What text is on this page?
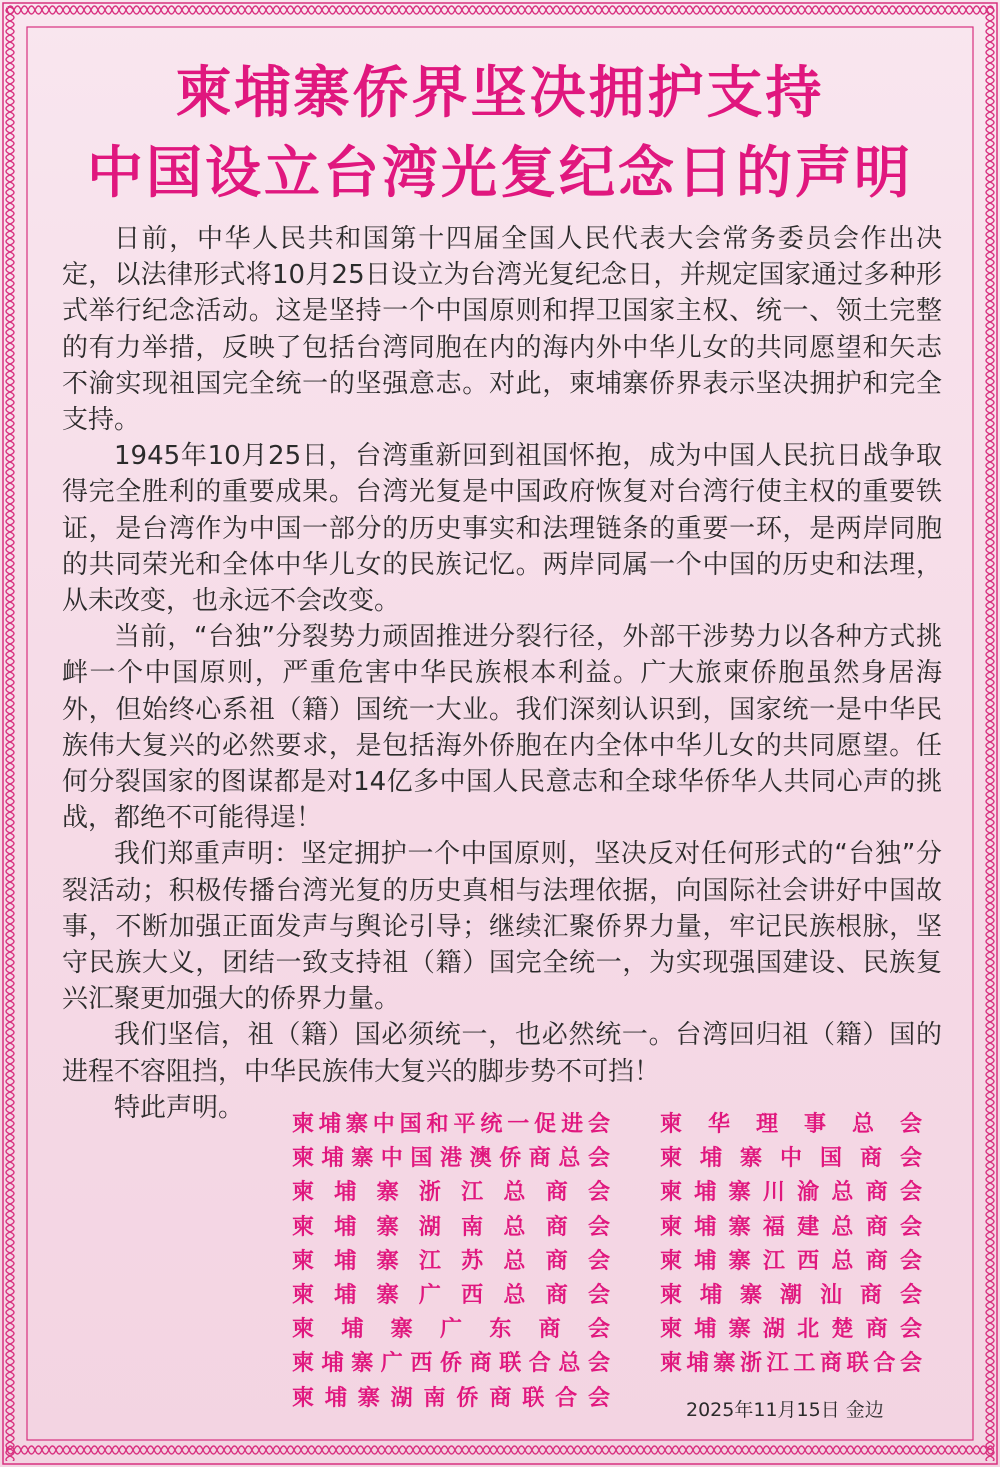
柬埔寨侨界坚决拥护支持
中国设立台湾光复纪念日的声明

日前，中华人民共和国第十四届全国人民代表大会常务委员会作出决定，以法律形式将10月25日设立为台湾光复纪念日，并规定国家通过多种形式举行纪念活动。这是坚持一个中国原则和捍卫国家主权、统一、领土完整的有力举措，反映了包括台湾同胞在内的海内外中华儿女的共同愿望和矢志不渝实现祖国完全统一的坚强意志。对此，柬埔寨侨界表示坚决拥护和完全支持。

1945年10月25日，台湾重新回到祖国怀抱，成为中国人民抗日战争取得完全胜利的重要成果。台湾光复是中国政府恢复对台湾行使主权的重要铁证，是台湾作为中国一部分的历史事实和法理链条的重要一环，是两岸同胞的共同荣光和全体中华儿女的民族记忆。两岸同属一个中国的历史和法理，从未改变，也永远不会改变。

当前，“台独”分裂势力顽固推进分裂行径，外部干涉势力以各种方式挑衅一个中国原则，严重危害中华民族根本利益。广大旅柬侨胞虽然身居海外，但始终心系祖（籍）国统一大业。我们深刻认识到，国家统一是中华民族伟大复兴的必然要求，是包括海外侨胞在内全体中华儿女的共同愿望。任何分裂国家的图谋都是对14亿多中国人民意志和全球华侨华人共同心声的挑战，都绝不可能得逞！

我们郑重声明：坚定拥护一个中国原则，坚决反对任何形式的“台独”分裂活动；积极传播台湾光复的历史真相与法理依据，向国际社会讲好中国故事，不断加强正面发声与舆论引导；继续汇聚侨界力量，牢记民族根脉，坚守民族大义，团结一致支持祖（籍）国完全统一，为实现强国建设、民族复兴汇聚更加强大的侨界力量。

我们坚信，祖（籍）国必须统一，也必然统一。台湾回归祖（籍）国的进程不容阻挡，中华民族伟大复兴的脚步势不可挡！

特此声明。

柬埔寨中国和平统一促进会 柬华理事总会
柬埔寨中国港澳侨商总会 柬埔寨中国商会
柬埔寨浙江总商会 柬埔寨川渝总商会
柬埔寨湖南总商会 柬埔寨福建总商会
柬埔寨江苏总商会 柬埔寨江西总商会
柬埔寨广西总商会 柬埔寨潮汕商会
柬埔寨广东商会 柬埔寨湖北楚商会
柬埔寨广西侨商联合总会 柬埔寨浙江工商联合会
柬埔寨湖南侨商联合会	2025年11月15日 金边
